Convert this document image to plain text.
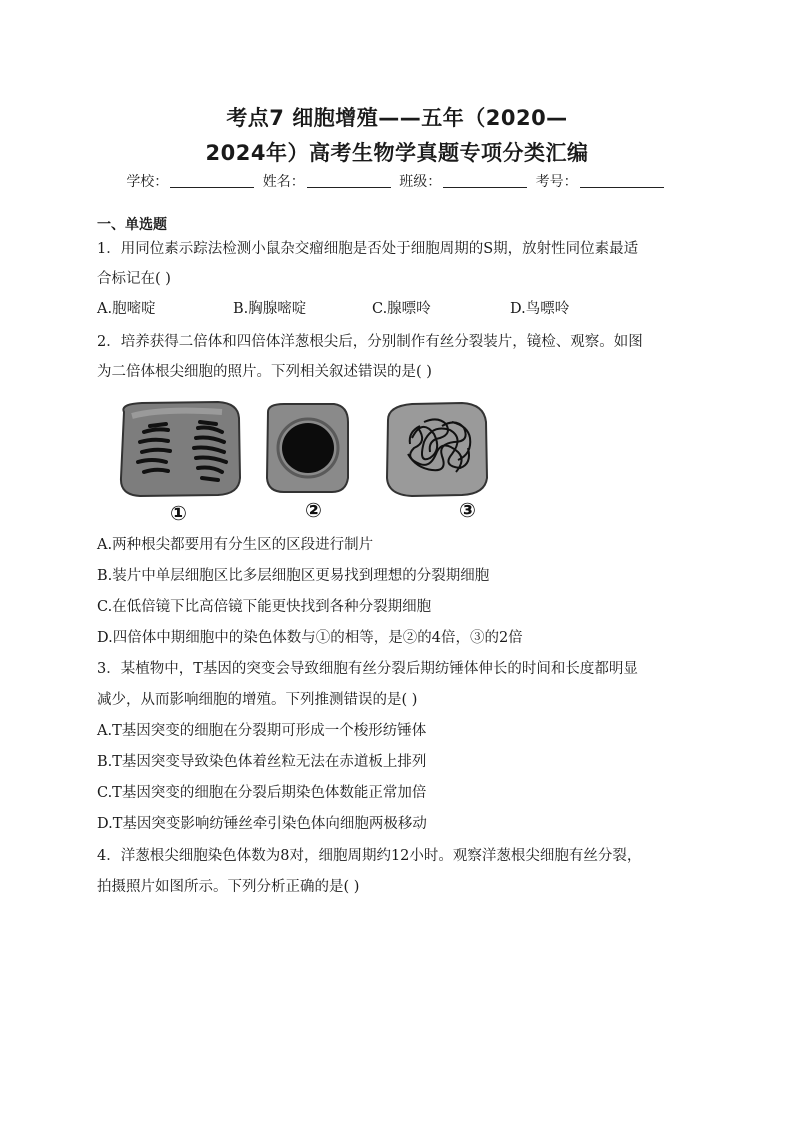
考点7 细胞增殖——五年（2020—
2024年）高考生物学真题专项分类汇编
学校：	姓名：	班级：	考号：
一、单选题
1．用同位素示踪法检测小鼠杂交瘤细胞是否处于细胞周期的S期，放射性同位素最适
合标记在( )
A.胞嘧啶	B.胸腺嘧啶	C.腺嘌呤	D.鸟嘌呤
2．培养获得二倍体和四倍体洋葱根尖后，分别制作有丝分裂装片，镜检、观察。如图
为二倍体根尖细胞的照片。下列相关叙述错误的是( )
①	②	③
A.两种根尖都要用有分生区的区段进行制片
B.装片中单层细胞区比多层细胞区更易找到理想的分裂期细胞
C.在低倍镜下比高倍镜下能更快找到各种分裂期细胞
D.四倍体中期细胞中的染色体数与①的相等，是②的4倍，③的2倍
3．某植物中，T基因的突变会导致细胞有丝分裂后期纺锤体伸长的时间和长度都明显
减少，从而影响细胞的增殖。下列推测错误的是( )
A.T基因突变的细胞在分裂期可形成一个梭形纺锤体
B.T基因突变导致染色体着丝粒无法在赤道板上排列
C.T基因突变的细胞在分裂后期染色体数能正常加倍
D.T基因突变影响纺锤丝牵引染色体向细胞两极移动
4．洋葱根尖细胞染色体数为8对，细胞周期约12小时。观察洋葱根尖细胞有丝分裂，
拍摄照片如图所示。下列分析正确的是( )
